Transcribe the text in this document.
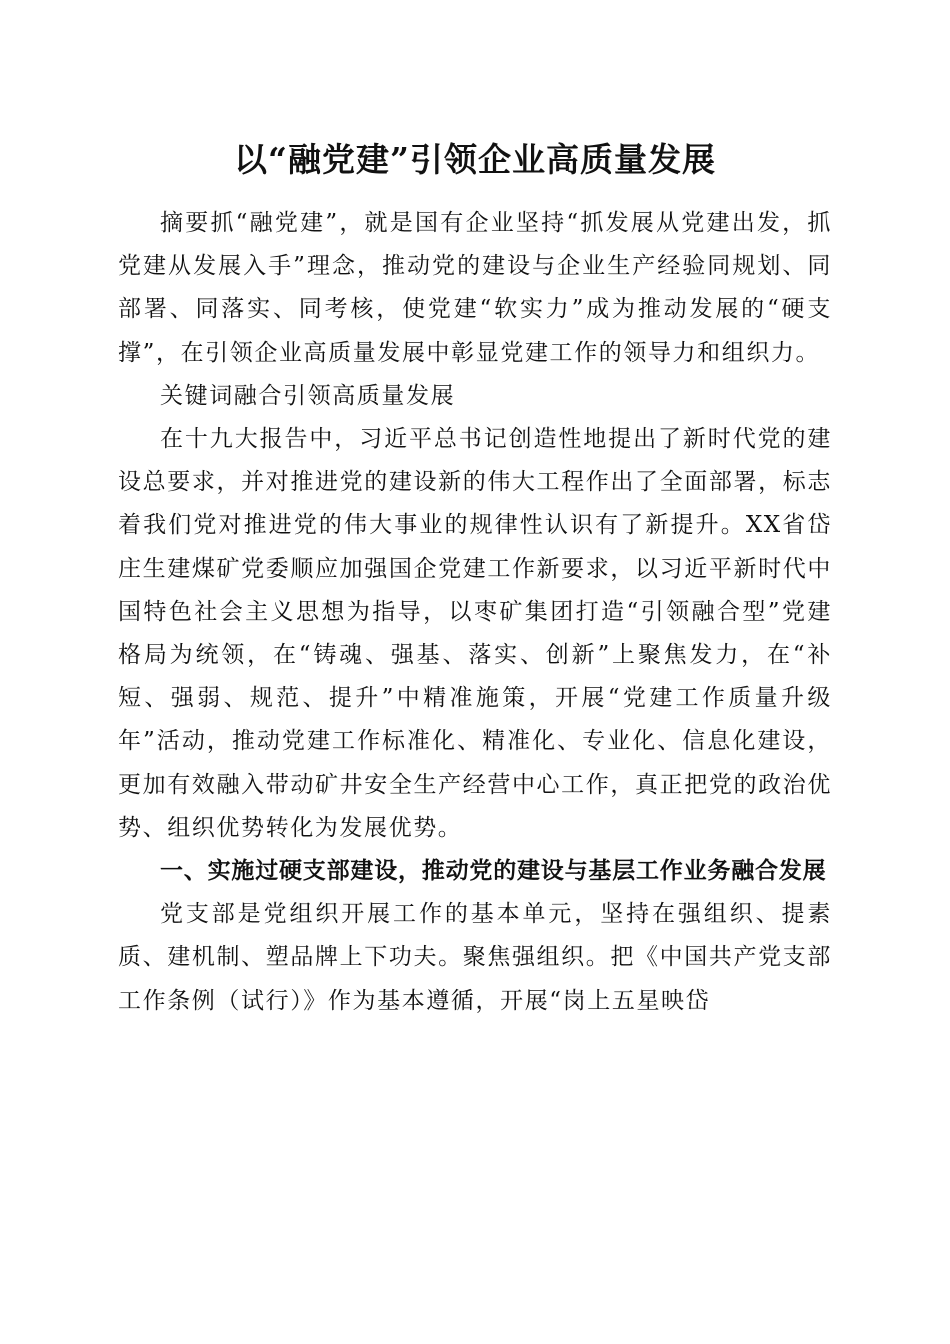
以“融党建”引领企业高质量发展

摘要抓“融党建”，就是国有企业坚持“抓发展从党建出发，抓党建从发展入手”理念，推动党的建设与企业生产经验同规划、同部署、同落实、同考核，使党建“软实力”成为推动发展的“硬支撑”，在引领企业高质量发展中彰显党建工作的领导力和组织力。

关键词融合引领高质量发展

在十九大报告中，习近平总书记创造性地提出了新时代党的建设总要求，并对推进党的建设新的伟大工程作出了全面部署，标志着我们党对推进党的伟大事业的规律性认识有了新提升。XX省岱庄生建煤矿党委顺应加强国企党建工作新要求，以习近平新时代中国特色社会主义思想为指导，以枣矿集团打造“引领融合型”党建格局为统领，在“铸魂、强基、落实、创新”上聚焦发力，在“补短、强弱、规范、提升”中精准施策，开展“党建工作质量升级年”活动，推动党建工作标准化、精准化、专业化、信息化建设，更加有效融入带动矿井安全生产经营中心工作，真正把党的政治优势、组织优势转化为发展优势。

一、实施过硬支部建设，推动党的建设与基层工作业务融合发展

党支部是党组织开展工作的基本单元，坚持在强组织、提素质、建机制、塑品牌上下功夫。聚焦强组织。把《中国共产党支部工作条例（试行）》作为基本遵循，开展“岗上五星映岱
